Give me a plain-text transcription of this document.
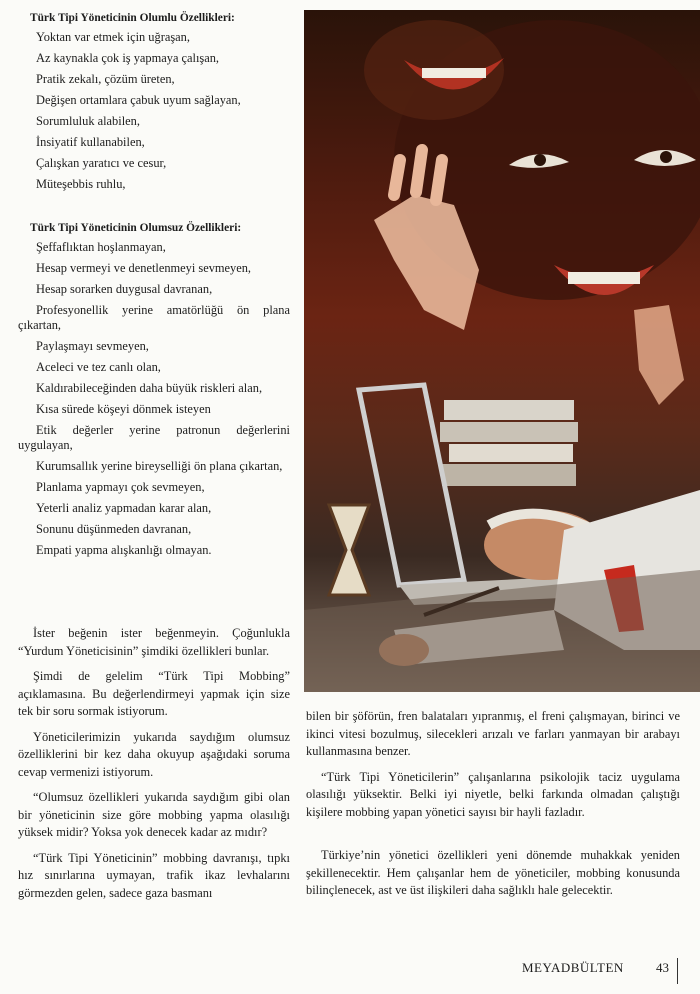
Türk Tipi Yöneticinin Olumlu Özellikleri:
Yoktan var etmek için uğraşan,
Az kaynakla çok iş yapmaya çalışan,
Pratik zekalı, çözüm üreten,
Değişen ortamlara çabuk uyum sağlayan,
Sorumluluk alabilen,
İnsiyatif kullanabilen,
Çalışkan yaratıcı ve cesur,
Müteşebbis ruhlu,
Türk Tipi Yöneticinin Olumsuz Özellikleri:
Şeffaflıktan hoşlanmayan,
Hesap vermeyi ve denetlenmeyi sevmeyen,
Hesap sorarken duygusal davranan,
Profesyonellik yerine amatörlüğü ön plana çıkartan,
Paylaşmayı sevmeyen,
Aceleci ve tez canlı olan,
Kaldırabileceğinden daha büyük riskleri alan,
Kısa sürede köşeyi dönmek isteyen
Etik değerler yerine patronun değerlerini uygulayan,
Kurumsallık yerine bireyselliği ön plana çıkartan,
Planlama yapmayı çok sevmeyen,
Yeterli analiz yapmadan karar alan,
Sonunu düşünmeden davranan,
Empati yapma alışkanlığı olmayan.

İster beğenin ister beğenmeyin. Çoğunlukla “Yurdum Yöneticisinin” şimdiki özellikleri bunlar.

Şimdi de gelelim “Türk Tipi Mobbing” açıklamasına. Bu değerlendirmeyi yapmak için size tek bir soru sormak istiyorum.

Yöneticilerimizin yukarıda saydığım olumsuz özelliklerini bir kez daha okuyup aşağıdaki soruma cevap vermenizi istiyorum.

“Olumsuz özellikleri yukarıda saydığım gibi olan bir yöneticinin size göre mobbing yapma olasılığı yüksek midir? Yoksa yok denecek kadar az mıdır?

“Türk Tipi Yöneticinin” mobbing davranışı, tıpkı hız sınırlarına uymayan, trafik ikaz levhalarını görmezden gelen, sadece gaza basmanı

bilen bir şöförün, fren balataları yıpranmış, el freni çalışmayan, birinci ve ikinci vitesi bozulmuş, silecekleri arızalı ve farları yanmayan bir arabayı kullanmasına benzer.

“Türk Tipi Yöneticilerin” çalışanlarına psikolojik taciz uygulama olasılığı yüksektir. Belki iyi niyetle, belki farkında olmadan çalıştığı kişilere mobbing yapan yönetici sayısı bir hayli fazladır.

Türkiye’nin yönetici özellikleri yeni dönemde muhakkak yeniden şekillenecektir. Hem çalışanlar hem de yöneticiler, mobbing konusunda bilinçlenecek, ast ve üst ilişkileri daha sağlıklı hale gelecektir.

MEYADBÜLTEN 43
